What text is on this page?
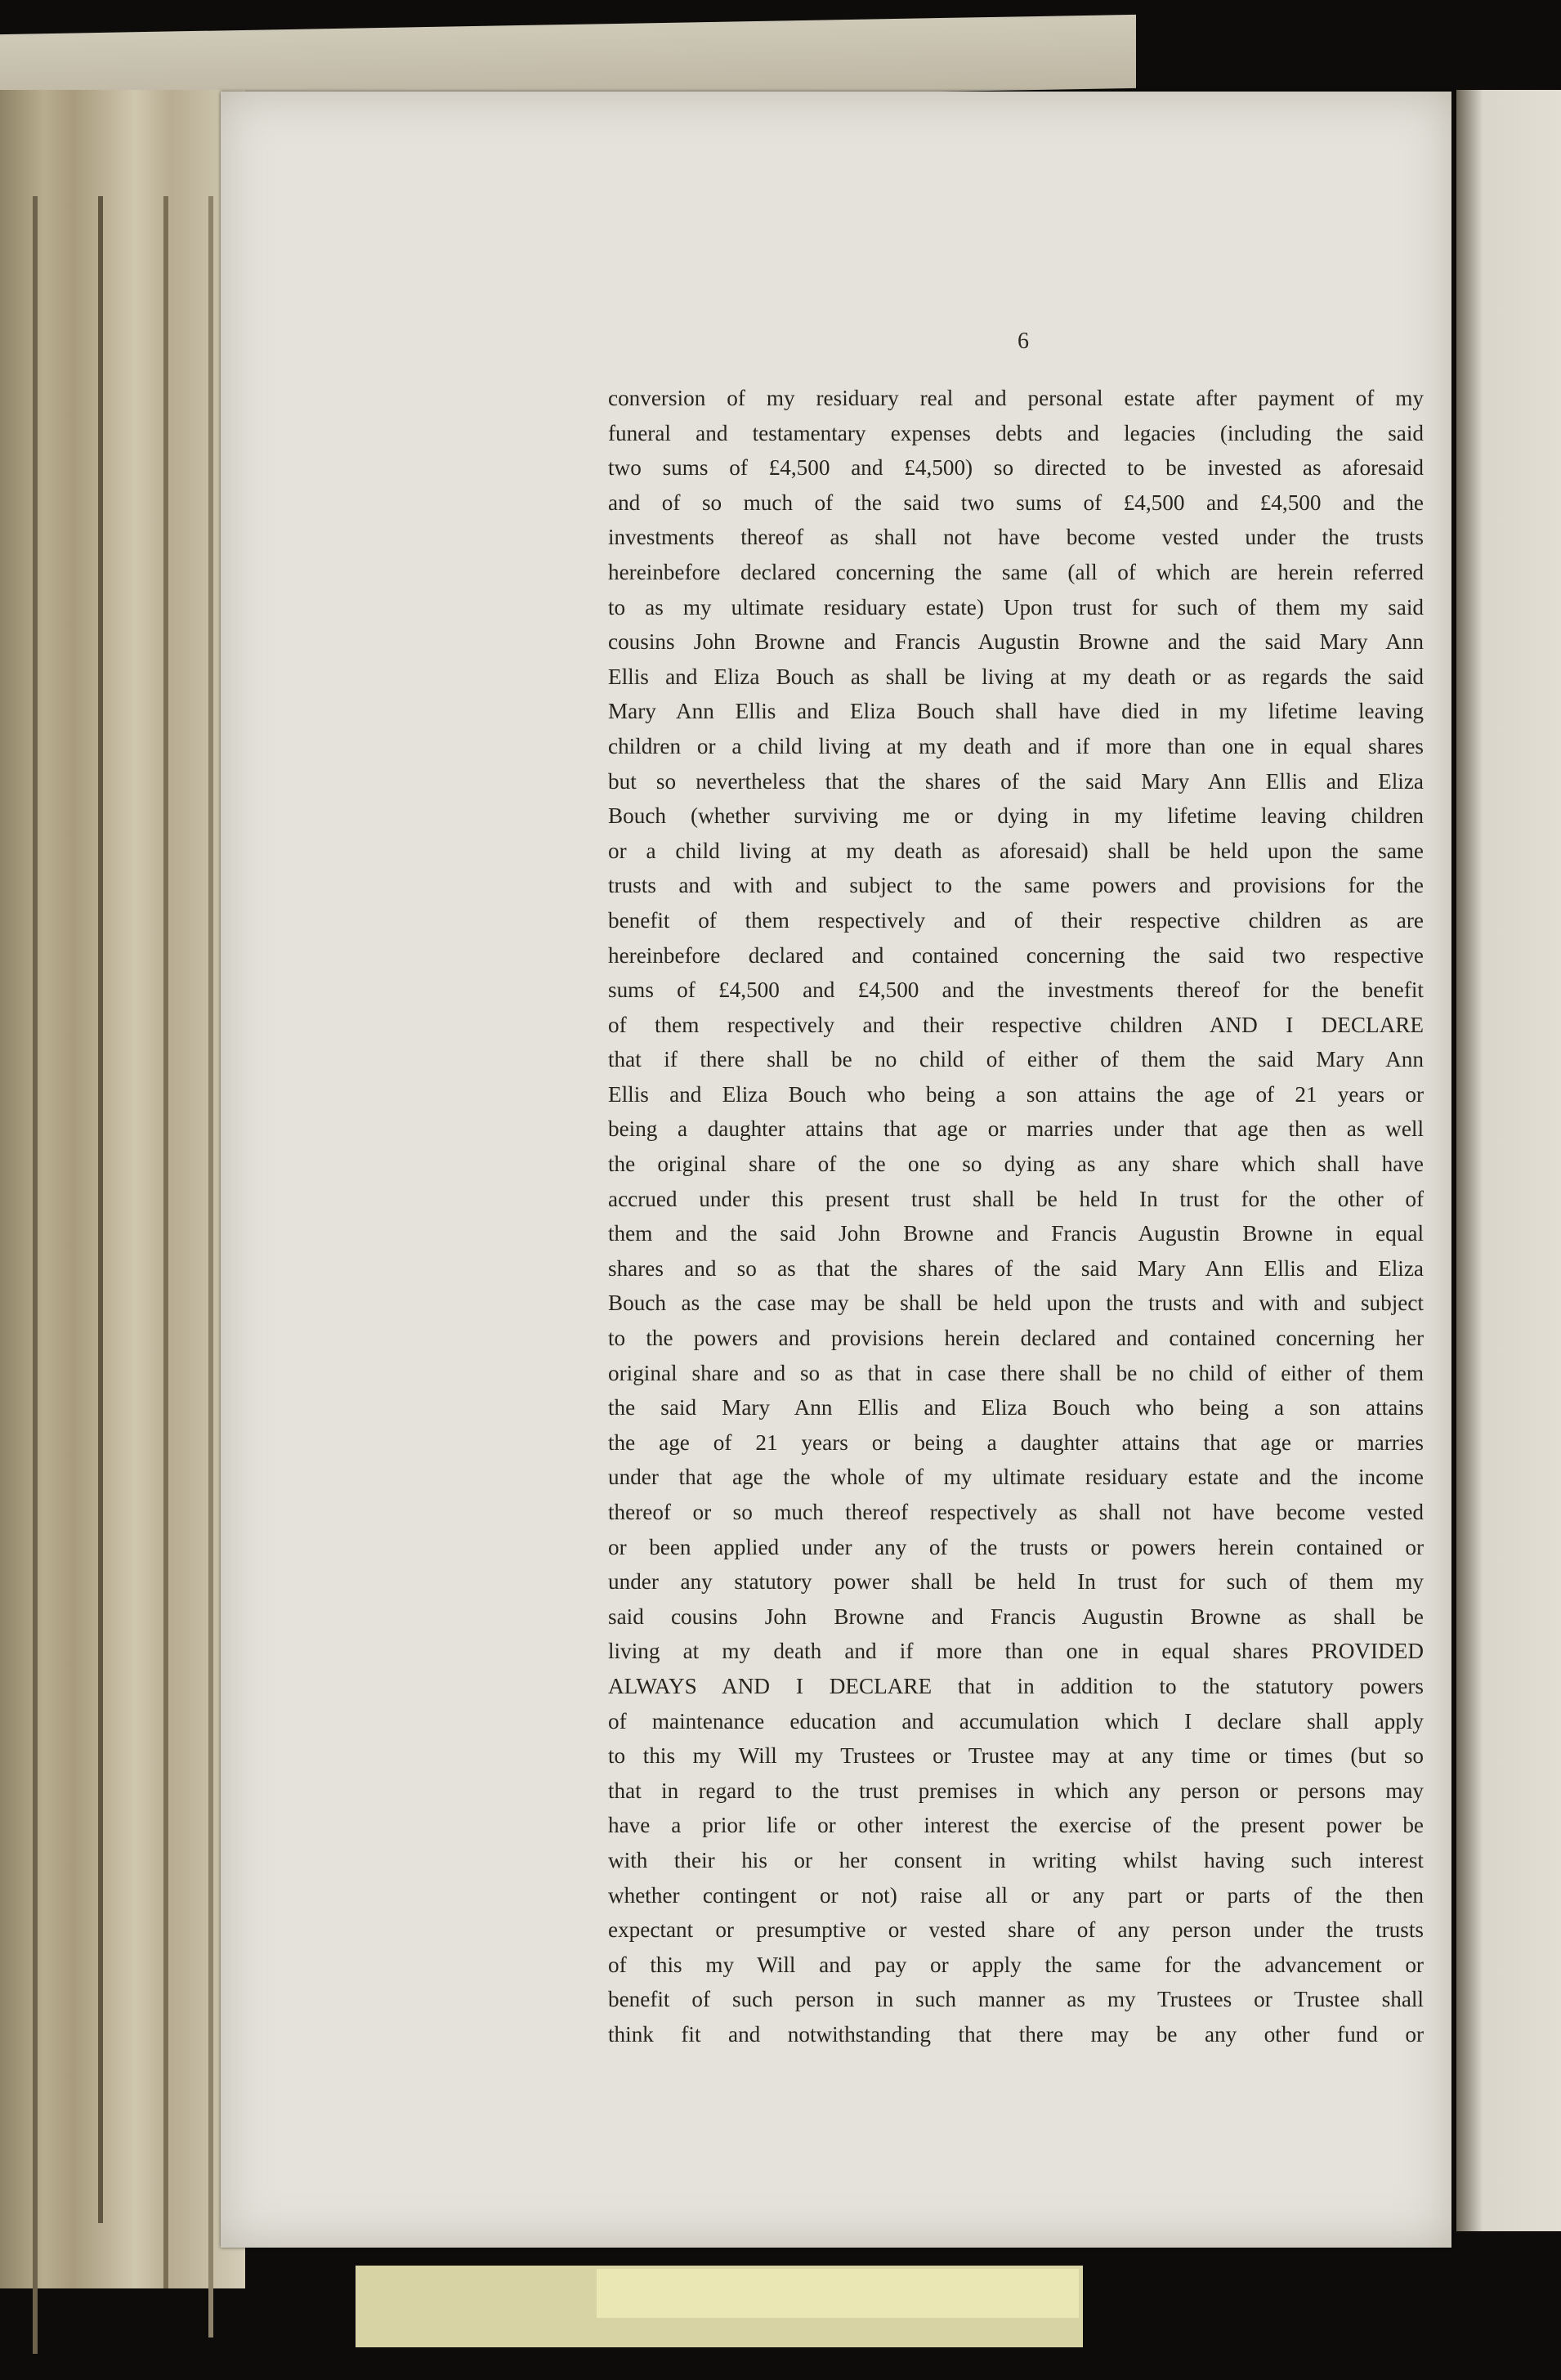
6

conversion of my residuary real and personal estate after payment of my
funeral and testamentary expenses debts and legacies (including the said
two sums of £4,500 and £4,500) so directed to be invested as aforesaid
and of so much of the said two sums of £4,500 and £4,500 and the
investments thereof as shall not have become vested under the trusts
hereinbefore declared concerning the same (all of which are herein referred
to as my ultimate residuary estate) Upon trust for such of them my said
cousins John Browne and Francis Augustin Browne and the said Mary Ann
Ellis and Eliza Bouch as shall be living at my death or as regards the said
Mary Ann Ellis and Eliza Bouch shall have died in my lifetime leaving
children or a child living at my death and if more than one in equal shares
but so nevertheless that the shares of the said Mary Ann Ellis and Eliza
Bouch (whether surviving me or dying in my lifetime leaving children
or a child living at my death as aforesaid) shall be held upon the same
trusts and with and subject to the same powers and provisions for the
benefit of them respectively and of their respective children as are
hereinbefore declared and contained concerning the said two respective
sums of £4,500 and £4,500 and the investments thereof for the benefit
of them respectively and their respective children AND I DECLARE
that if there shall be no child of either of them the said Mary Ann
Ellis and Eliza Bouch who being a son attains the age of 21 years or
being a daughter attains that age or marries under that age then as well
the original share of the one so dying as any share which shall have
accrued under this present trust shall be held In trust for the other of
them and the said John Browne and Francis Augustin Browne in equal
shares and so as that the shares of the said Mary Ann Ellis and Eliza
Bouch as the case may be shall be held upon the trusts and with and subject
to the powers and provisions herein declared and contained concerning her
original share and so as that in case there shall be no child of either of them
the said Mary Ann Ellis and Eliza Bouch who being a son attains
the age of 21 years or being a daughter attains that age or marries
under that age the whole of my ultimate residuary estate and the income
thereof or so much thereof respectively as shall not have become vested
or been applied under any of the trusts or powers herein contained or
under any statutory power shall be held In trust for such of them my
said cousins John Browne and Francis Augustin Browne as shall be
living at my death and if more than one in equal shares PROVIDED
ALWAYS AND I DECLARE that in addition to the statutory powers
of maintenance education and accumulation which I declare shall apply
to this my Will my Trustees or Trustee may at any time or times (but so
that in regard to the trust premises in which any person or persons may
have a prior life or other interest the exercise of the present power be
with their his or her consent in writing whilst having such interest
whether contingent or not) raise all or any part or parts of the then
expectant or presumptive or vested share of any person under the trusts
of this my Will and pay or apply the same for the advancement or
benefit of such person in such manner as my Trustees or Trustee shall
think fit and notwithstanding that there may be any other fund or
